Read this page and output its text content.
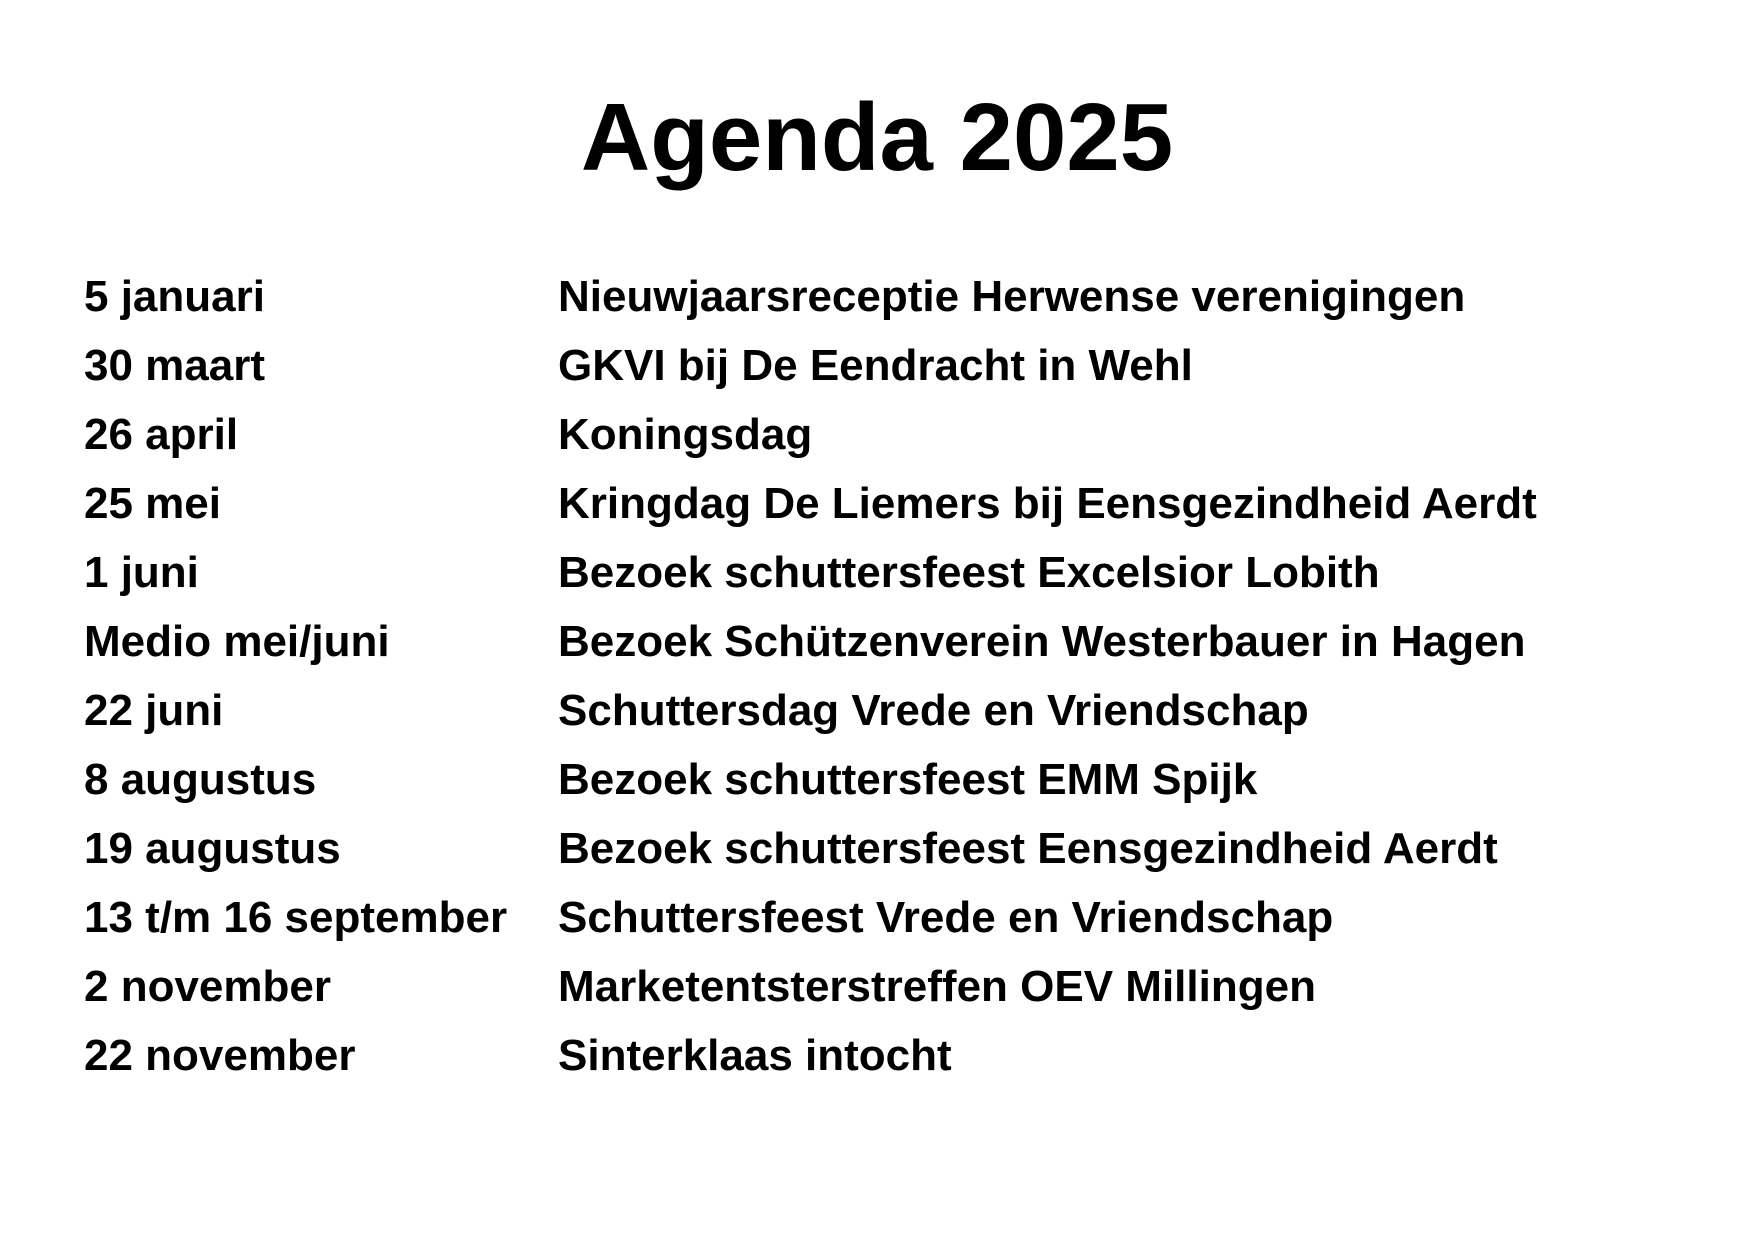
Agenda 2025
5 januari	Nieuwjaarsreceptie Herwense verenigingen
30 maart	GKVI bij De Eendracht in Wehl
26 april	Koningsdag
25 mei	Kringdag De Liemers bij Eensgezindheid Aerdt
1 juni	Bezoek schuttersfeest Excelsior Lobith
Medio mei/juni	Bezoek Schützenverein Westerbauer in Hagen
22 juni	Schuttersdag Vrede en Vriendschap
8 augustus	Bezoek schuttersfeest EMM Spijk
19 augustus	Bezoek schuttersfeest Eensgezindheid Aerdt
13 t/m 16 september Schuttersfeest Vrede en Vriendschap
2 november	Marketentsterstreffen OEV Millingen
22 november	Sinterklaas intocht
